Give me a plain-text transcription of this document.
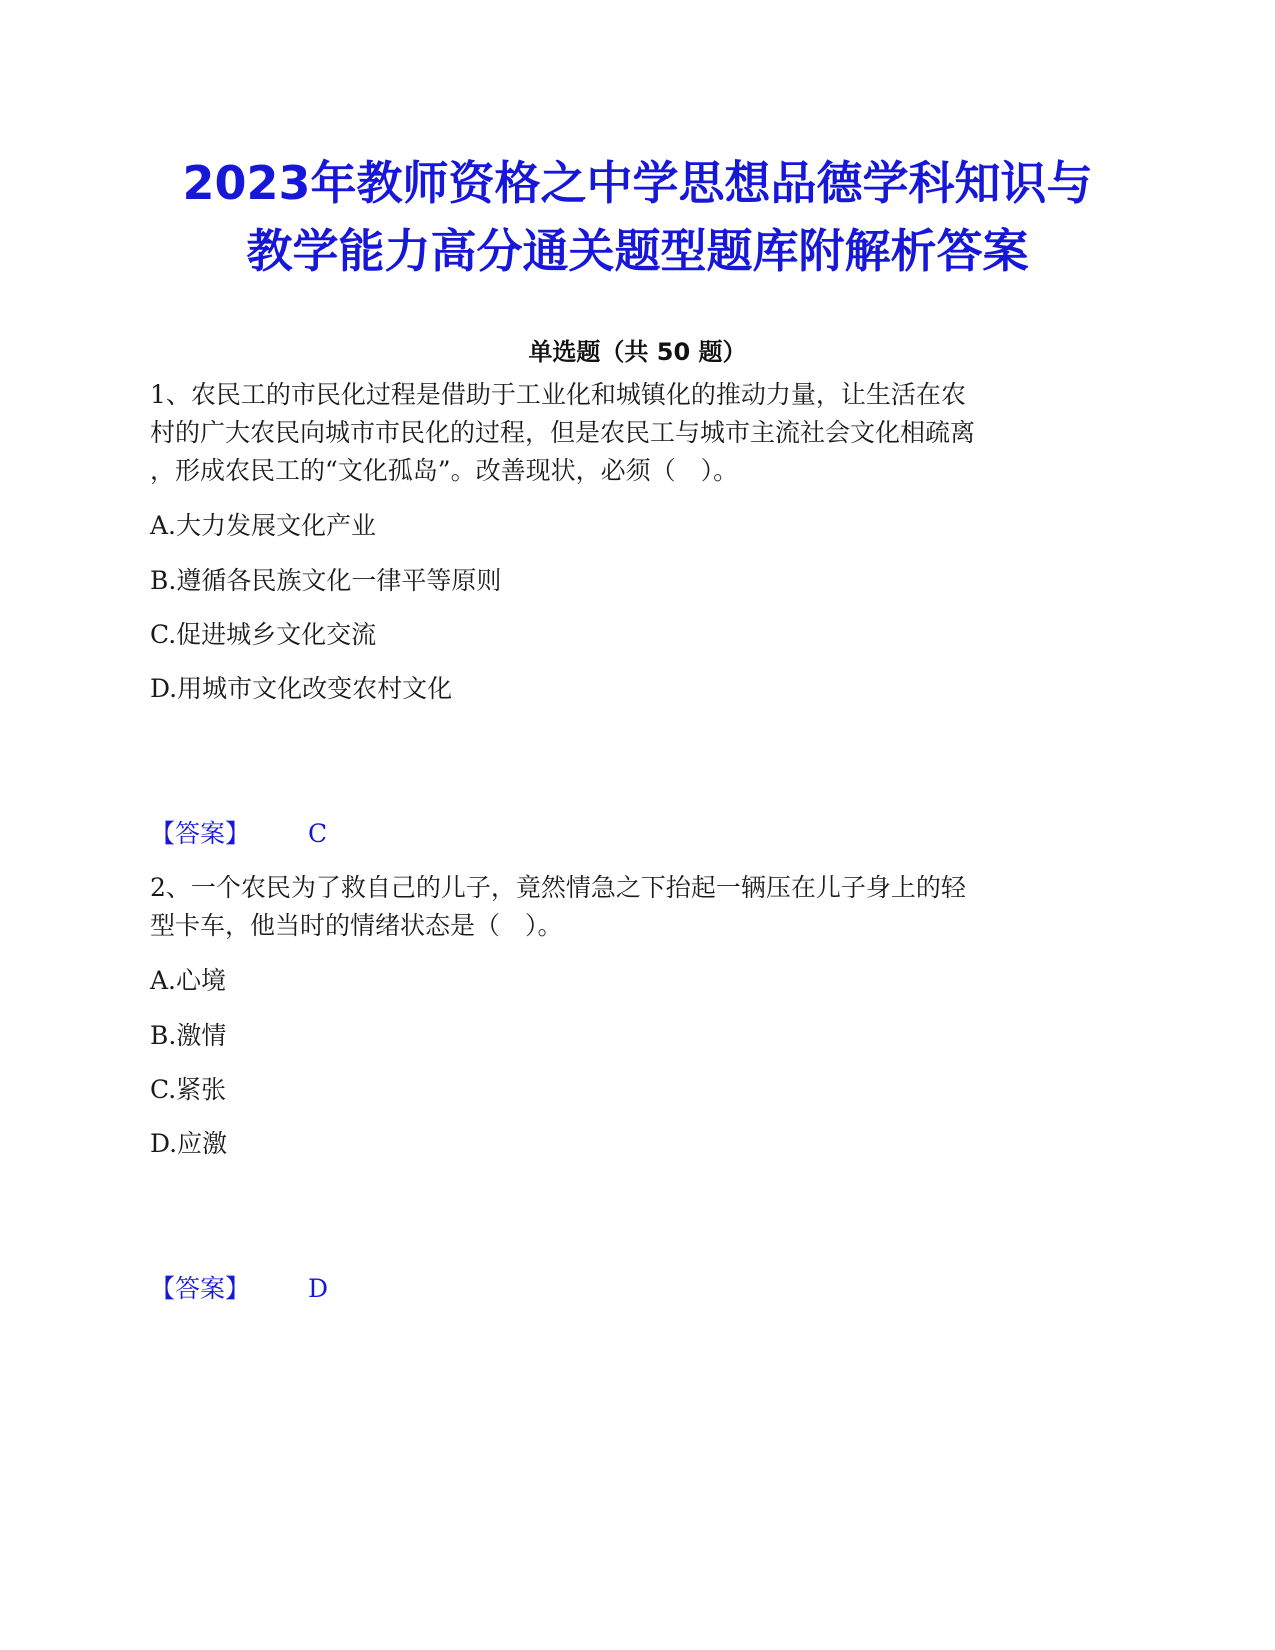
2023年教师资格之中学思想品德学科知识与
教学能力高分通关题型题库附解析答案
单选题（共 50 题）
1、农民工的市民化过程是借助于工业化和城镇化的推动力量，让生活在农
村的广大农民向城市市民化的过程，但是农民工与城市主流社会文化相疏离
，形成农民工的“文化孤岛”。改善现状，必须（　）。
A.大力发展文化产业
B.遵循各民族文化一律平等原则
C.促进城乡文化交流
D.用城市文化改变农村文化
【答案】 C
2、一个农民为了救自己的儿子，竟然情急之下抬起一辆压在儿子身上的轻
型卡车，他当时的情绪状态是（　）。
A.心境
B.激情
C.紧张
D.应激
【答案】 D
